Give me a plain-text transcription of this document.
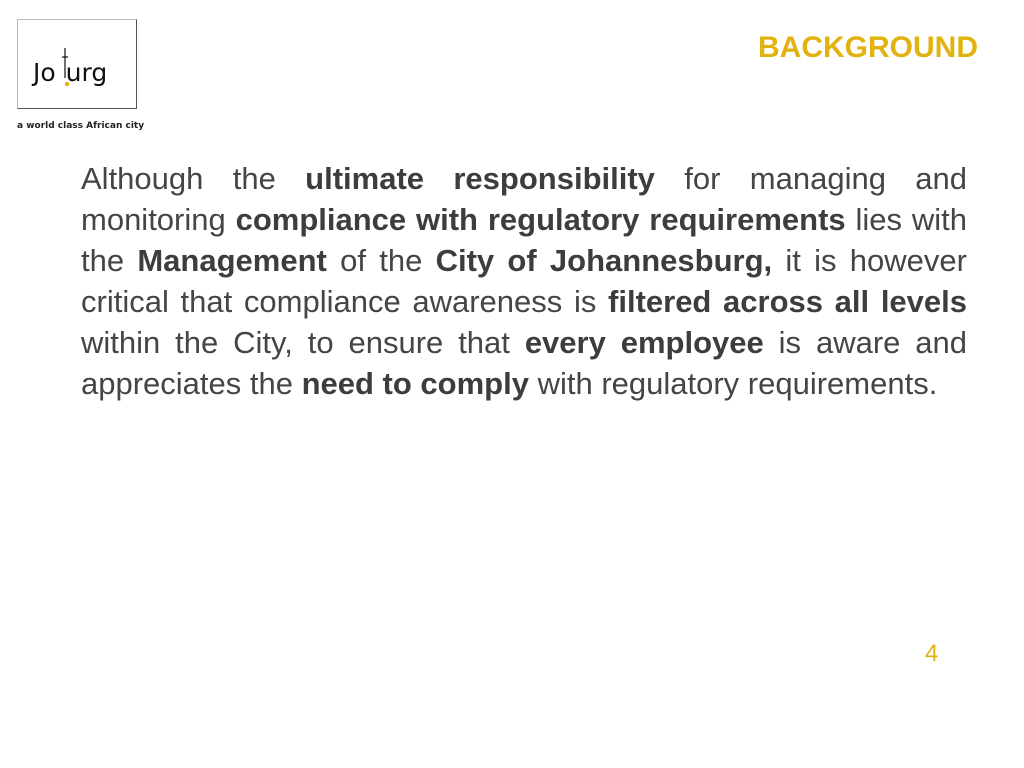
Jo urg
a world class African city
BACKGROUND
Although the ultimate responsibility for managing and monitoring compliance with regulatory requirements lies with the Management of the City of Johannesburg, it is however critical that compliance awareness is filtered across all levels within the City, to ensure that every employee is aware and appreciates the need to comply with regulatory requirements.
4
